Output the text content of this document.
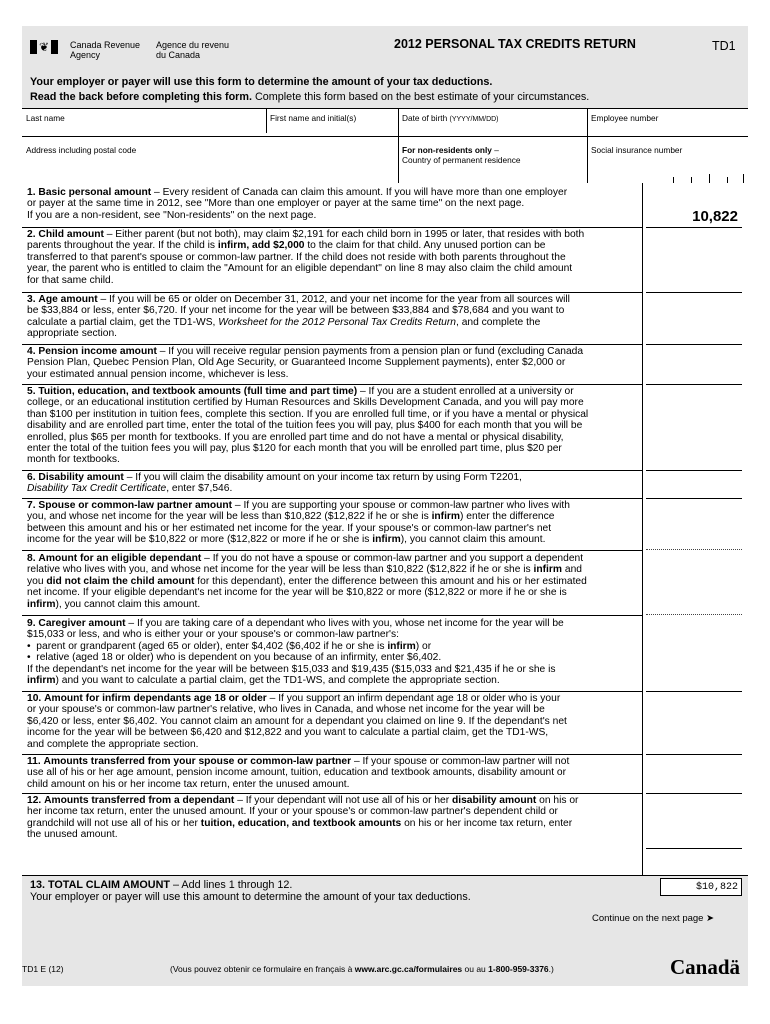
❦ Canada Revenue
Agency
Agence du revenu
du Canada
2012 PERSONAL TAX CREDITS RETURN	TD1
Your employer or payer will use this form to determine the amount of your tax deductions.
Read the back before completing this form. Complete this form based on the best estimate of your circumstances.
Last name	First name and initial(s)	Date of birth (YYYY/MM/DD)	Employee number
Address including postal code	For non-residents only –
Country of permanent residence
Social insurance number
1. Basic personal amount – Every resident of Canada can claim this amount. If you will have more than one employer
or payer at the same time in 2012, see "More than one employer or payer at the same time" on the next page.
If you are a non-resident, see "Non-residents" on the next page.	10,822
2. Child amount – Either parent (but not both), may claim $2,191 for each child born in 1995 or later, that resides with both
parents throughout the year. If the child is infirm, add $2,000 to the claim for that child. Any unused portion can be
transferred to that parent's spouse or common-law partner. If the child does not reside with both parents throughout the
year, the parent who is entitled to claim the "Amount for an eligible dependant" on line 8 may also claim the child amount
for that same child.
3. Age amount – If you will be 65 or older on December 31, 2012, and your net income for the year from all sources will
be $33,884 or less, enter $6,720. If your net income for the year will be between $33,884 and $78,684 and you want to
calculate a partial claim, get the TD1-WS, Worksheet for the 2012 Personal Tax Credits Return, and complete the
appropriate section.
4. Pension income amount – If you will receive regular pension payments from a pension plan or fund (excluding Canada
Pension Plan, Quebec Pension Plan, Old Age Security, or Guaranteed Income Supplement payments), enter $2,000 or
your estimated annual pension income, whichever is less.
5. Tuition, education, and textbook amounts (full time and part time) – If you are a student enrolled at a university or
college, or an educational institution certified by Human Resources and Skills Development Canada, and you will pay more
than $100 per institution in tuition fees, complete this section. If you are enrolled full time, or if you have a mental or physical
disability and are enrolled part time, enter the total of the tuition fees you will pay, plus $400 for each month that you will be
enrolled, plus $65 per month for textbooks. If you are enrolled part time and do not have a mental or physical disability,
enter the total of the tuition fees you will pay, plus $120 for each month that you will be enrolled part time, plus $20 per
month for textbooks.
6. Disability amount – If you will claim the disability amount on your income tax return by using Form T2201,
Disability Tax Credit Certificate, enter $7,546.
7. Spouse or common-law partner amount – If you are supporting your spouse or common-law partner who lives with
you, and whose net income for the year will be less than $10,822 ($12,822 if he or she is infirm) enter the difference
between this amount and his or her estimated net income for the year. If your spouse's or common-law partner's net
income for the year will be $10,822 or more ($12,822 or more if he or she is infirm), you cannot claim this amount.
8. Amount for an eligible dependant – If you do not have a spouse or common-law partner and you support a dependent
relative who lives with you, and whose net income for the year will be less than $10,822 ($12,822 if he or she is infirm and
you did not claim the child amount for this dependant), enter the difference between this amount and his or her estimated
net income. If your eligible dependant's net income for the year will be $10,822 or more ($12,822 or more if he or she is
infirm), you cannot claim this amount.
9. Caregiver amount – If you are taking care of a dependant who lives with you, whose net income for the year will be
$15,033 or less, and who is either your or your spouse's or common-law partner's:
•  parent or grandparent (aged 65 or older), enter $4,402 ($6,402 if he or she is infirm) or
•  relative (aged 18 or older) who is dependent on you because of an infirmity, enter $6,402.
If the dependant's net income for the year will be between $15,033 and $19,435 ($15,033 and $21,435 if he or she is
infirm) and you want to calculate a partial claim, get the TD1-WS, and complete the appropriate section.
10. Amount for infirm dependants age 18 or older – If you support an infirm dependant age 18 or older who is your
or your spouse's or common-law partner's relative, who lives in Canada, and whose net income for the year will be
$6,420 or less, enter $6,402. You cannot claim an amount for a dependant you claimed on line 9. If the dependant's net
income for the year will be between $6,420 and $12,822 and you want to calculate a partial claim, get the TD1-WS,
and complete the appropriate section.
11. Amounts transferred from your spouse or common-law partner – If your spouse or common-law partner will not
use all of his or her age amount, pension income amount, tuition, education and textbook amounts, disability amount or
child amount on his or her income tax return, enter the unused amount.
12. Amounts transferred from a dependant – If your dependant will not use all of his or her disability amount on his or
her income tax return, enter the unused amount. If your or your spouse's or common-law partner's dependent child or
grandchild will not use all of his or her tuition, education, and textbook amounts on his or her income tax return, enter
the unused amount.
13. TOTAL CLAIM AMOUNT – Add lines 1 through 12.
Your employer or payer will use this amount to determine the amount of your tax deductions.
$10,822
Continue on the next page ➤
TD1 E (12)	(Vous pouvez obtenir ce formulaire en français à www.arc.gc.ca/formulaires ou au 1-800-959-3376.)	Canadä
